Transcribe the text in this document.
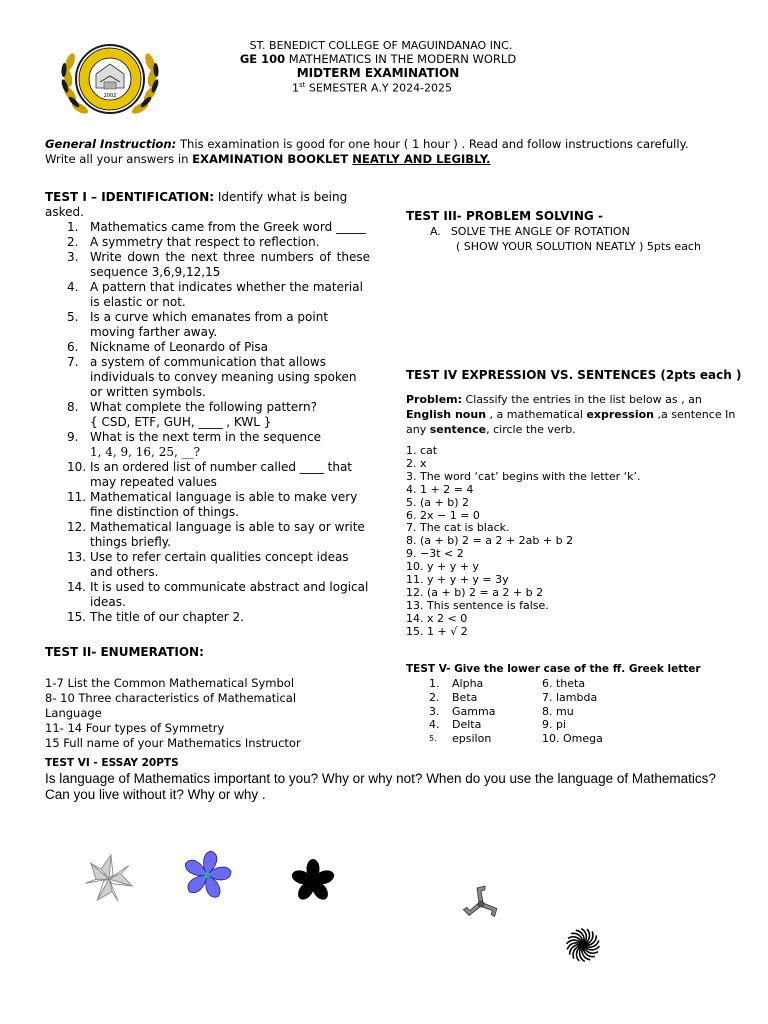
2002
ST. BENEDICT COLLEGE OF MAGUINDANAO INC.
GE 100 MATHEMATICS IN THE MODERN WORLD
MIDTERM EXAMINATION
1st SEMESTER A.Y 2024-2025
General Instruction: This examination is good for one hour ( 1 hour ) . Read and follow instructions carefully.
Write all your answers in EXAMINATION BOOKLET NEATLY AND LEGIBLY.
TEST I – IDENTIFICATION: Identify what is being asked.
1. Mathematics came from the Greek word _____
2. A symmetry that respect to reflection.
3. Write down the next three numbers of these sequence 3,6,9,12,15
4. A pattern that indicates whether the material is elastic or not.
5. Is a curve which emanates from a point moving farther away.
6. Nickname of Leonardo of Pisa
7. a system of communication that allows individuals to convey meaning using spoken or written symbols.
8. What complete the following pattern?
{ CSD, ETF, GUH, ____ , KWL }
9. What is the next term in the sequence
1, 4, 9, 16, 25, __?
10. Is an ordered list of number called ____ that may repeated values
11. Mathematical language is able to make very fine distinction of things.
12. Mathematical language is able to say or write things briefly.
13. Use to refer certain qualities concept ideas and others.
14. It is used to communicate abstract and logical ideas.
15. The title of our chapter 2.
TEST II- ENUMERATION:
1-7 List the Common Mathematical Symbol
8- 10 Three characteristics of Mathematical Language
11- 14 Four types of Symmetry
15 Full name of your Mathematics Instructor
TEST III- PROBLEM SOLVING -
A. SOLVE THE ANGLE OF ROTATION
( SHOW YOUR SOLUTION NEATLY ) 5pts each
TEST IV EXPRESSION VS. SENTENCES (2pts each )
Problem: Classify the entries in the list below as , an
English noun , a mathematical expression ,a sentence In
any sentence, circle the verb.
1. cat
2. x
3. The word ‘cat’ begins with the letter ‘k’.
4. 1 + 2 = 4
5. (a + b) 2
6. 2x − 1 = 0
7. The cat is black.
8. (a + b) 2 = a 2 + 2ab + b 2
9. −3t < 2
10. y + y + y
11. y + y + y = 3y
12. (a + b) 2 = a 2 + b 2
13. This sentence is false.
14. x 2 < 0
15. 1 + √ 2
TEST V- Give the lower case of the ff. Greek letter
1. Alpha	6. theta
2. Beta	7. lambda
3. Gamma	8. mu
4. Delta	9. pi
5. epsilon	10. Omega
TEST VI - ESSAY 20PTS
Is language of Mathematics important to you? Why or why not? When do you use the language of Mathematics? Can you live without it? Why or why .
